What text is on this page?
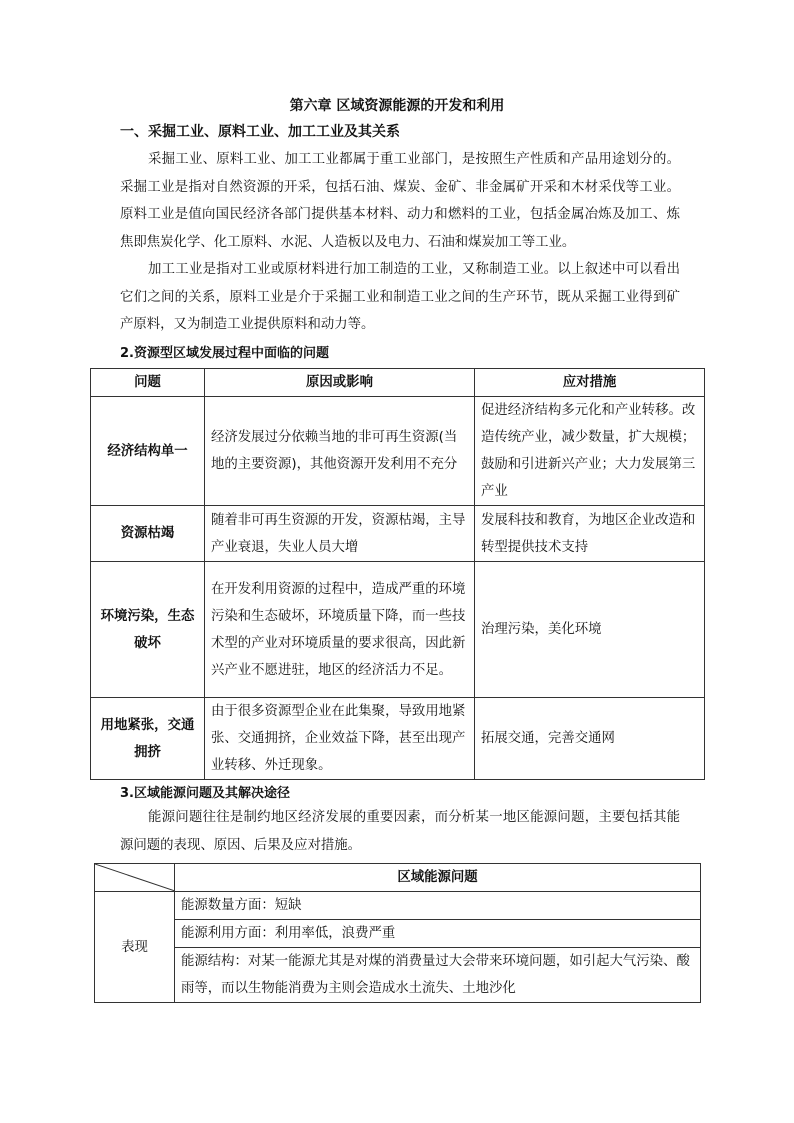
第六章 区域资源能源的开发和利用
一、采掘工业、原料工业、加工工业及其关系

采掘工业、原料工业、加工工业都属于重工业部门，是按照生产性质和产品用途划分的。采掘工业是指对自然资源的开采，包括石油、煤炭、金矿、非金属矿开采和木材采伐等工业。原料工业是值向国民经济各部门提供基本材料、动力和燃料的工业，包括金属冶炼及加工、炼焦即焦炭化学、化工原料、水泥、人造板以及电力、石油和煤炭加工等工业。

加工工业是指对工业或原材料进行加工制造的工业，又称制造工业。以上叙述中可以看出它们之间的关系，原料工业是介于采掘工业和制造工业之间的生产环节，既从采掘工业得到矿产原料，又为制造工业提供原料和动力等。

2.资源型区域发展过程中面临的问题
问题	原因或影响	应对措施
经济结构单一	经济发展过分依赖当地的非可再生资源(当地的主要资源)，其他资源开发利用不充分	促进经济结构多元化和产业转移。改造传统产业，减少数量，扩大规模；鼓励和引进新兴产业；大力发展第三产业
资源枯竭	随着非可再生资源的开发，资源枯竭，主导产业衰退，失业人员大增	发展科技和教育，为地区企业改造和转型提供技术支持
环境污染，生态破坏	在开发利用资源的过程中，造成严重的环境污染和生态破坏，环境质量下降，而一些技术型的产业对环境质量的要求很高，因此新兴产业不愿进驻，地区的经济活力不足。	治理污染，美化环境
用地紧张，交通拥挤	由于很多资源型企业在此集聚，导致用地紧张、交通拥挤，企业效益下降，甚至出现产业转移、外迁现象。	拓展交通，完善交通网
3.区域能源问题及其解决途径

能源问题往往是制约地区经济发展的重要因素，而分析某一地区能源问题，主要包括其能源问题的表现、原因、后果及应对措施。

	区域能源问题
表现	能源数量方面：短缺
	能源利用方面：利用率低，浪费严重
	能源结构：对某一能源尤其是对煤的消费量过大会带来环境问题，如引起大气污染、酸雨等，而以生物能消费为主则会造成水土流失、土地沙化
